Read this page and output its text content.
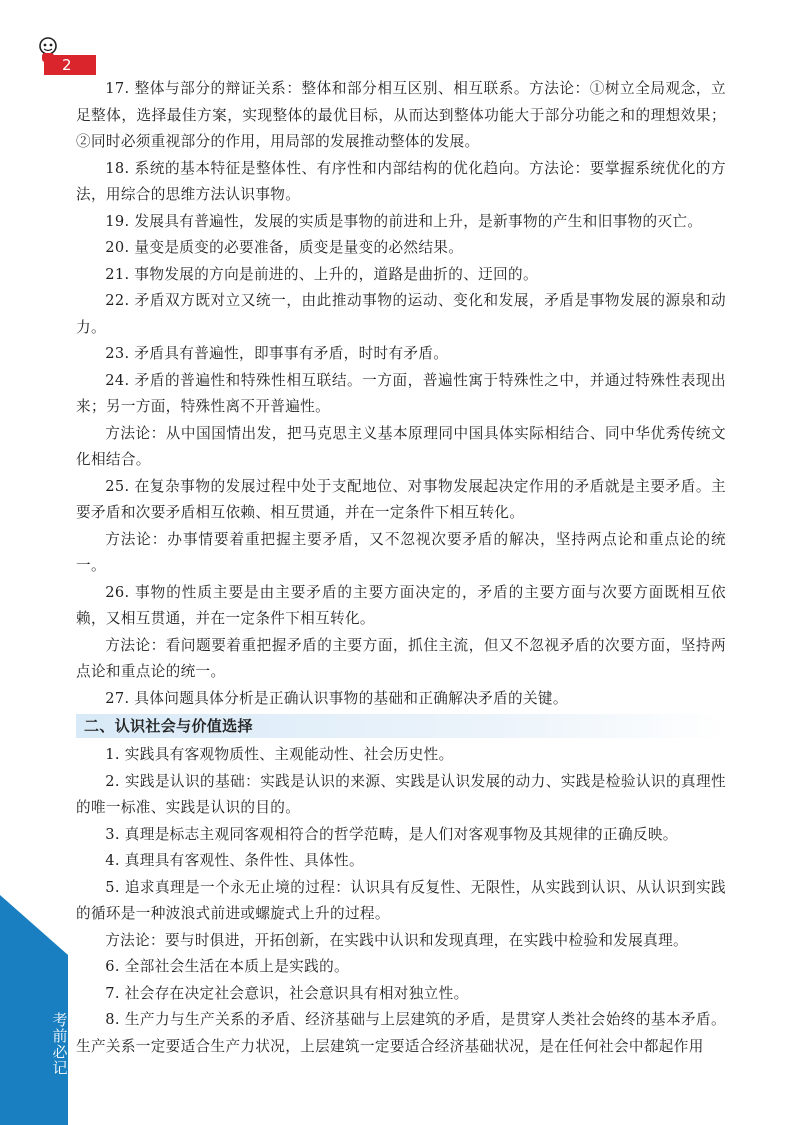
2
考前必记

17. 整体与部分的辩证关系：整体和部分相互区别、相互联系。方法论：①树立全局观念，立足整体，选择最佳方案，实现整体的最优目标，从而达到整体功能大于部分功能之和的理想效果；②同时必须重视部分的作用，用局部的发展推动整体的发展。

18. 系统的基本特征是整体性、有序性和内部结构的优化趋向。方法论：要掌握系统优化的方法，用综合的思维方法认识事物。

19. 发展具有普遍性，发展的实质是事物的前进和上升，是新事物的产生和旧事物的灭亡。

20. 量变是质变的必要准备，质变是量变的必然结果。

21. 事物发展的方向是前进的、上升的，道路是曲折的、迂回的。

22. 矛盾双方既对立又统一，由此推动事物的运动、变化和发展，矛盾是事物发展的源泉和动力。

23. 矛盾具有普遍性，即事事有矛盾，时时有矛盾。

24. 矛盾的普遍性和特殊性相互联结。一方面，普遍性寓于特殊性之中，并通过特殊性表现出来；另一方面，特殊性离不开普遍性。

方法论：从中国国情出发，把马克思主义基本原理同中国具体实际相结合、同中华优秀传统文化相结合。

25. 在复杂事物的发展过程中处于支配地位、对事物发展起决定作用的矛盾就是主要矛盾。主要矛盾和次要矛盾相互依赖、相互贯通，并在一定条件下相互转化。

方法论：办事情要着重把握主要矛盾，又不忽视次要矛盾的解决，坚持两点论和重点论的统一。

26. 事物的性质主要是由主要矛盾的主要方面决定的，矛盾的主要方面与次要方面既相互依赖，又相互贯通，并在一定条件下相互转化。

方法论：看问题要着重把握矛盾的主要方面，抓住主流，但又不忽视矛盾的次要方面，坚持两点论和重点论的统一。

27. 具体问题具体分析是正确认识事物的基础和正确解决矛盾的关键。

二、认识社会与价值选择

1. 实践具有客观物质性、主观能动性、社会历史性。

2. 实践是认识的基础：实践是认识的来源、实践是认识发展的动力、实践是检验认识的真理性的唯一标准、实践是认识的目的。

3. 真理是标志主观同客观相符合的哲学范畴，是人们对客观事物及其规律的正确反映。

4. 真理具有客观性、条件性、具体性。

5. 追求真理是一个永无止境的过程：认识具有反复性、无限性，从实践到认识、从认识到实践的循环是一种波浪式前进或螺旋式上升的过程。

方法论：要与时俱进，开拓创新，在实践中认识和发现真理，在实践中检验和发展真理。

6. 全部社会生活在本质上是实践的。

7. 社会存在决定社会意识，社会意识具有相对独立性。

8. 生产力与生产关系的矛盾、经济基础与上层建筑的矛盾，是贯穿人类社会始终的基本矛盾。生产关系一定要适合生产力状况，上层建筑一定要适合经济基础状况，是在任何社会中都起作用
